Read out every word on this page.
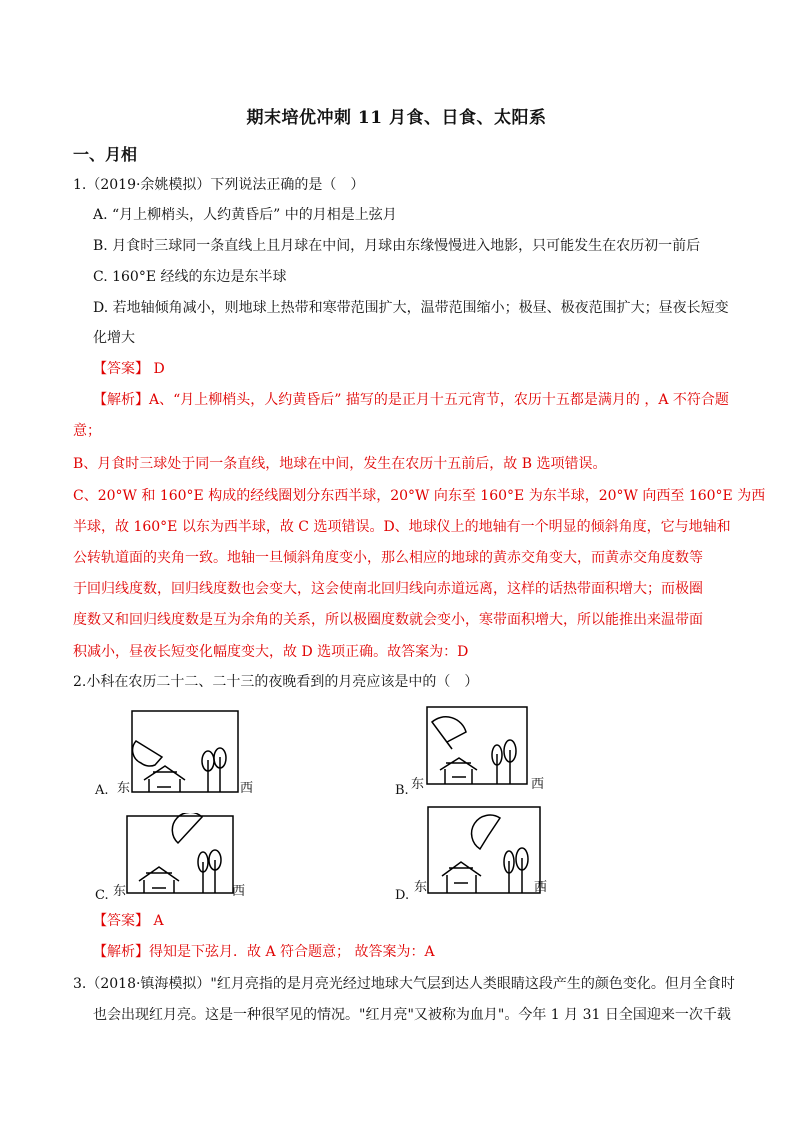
期末培优冲刺 11 月食、日食、太阳系
一、月相
1.（2019·余姚模拟）下列说法正确的是（　）
A. “月上柳梢头，人约黄昏后” 中的月相是上弦月
B. 月食时三球同一条直线上且月球在中间，月球由东缘慢慢进入地影，只可能发生在农历初一前后
C. 160°E 经线的东边是东半球
D. 若地轴倾角减小，则地球上热带和寒带范围扩大，温带范围缩小；极昼、极夜范围扩大；昼夜长短变
化增大
【答案】 D
【解析】A、“月上柳梢头，人约黄昏后” 描写的是正月十五元宵节，农历十五都是满月的 ，A 不符合题
意；
B、月食时三球处于同一条直线，地球在中间，发生在农历十五前后，故 B 选项错误。
C、20°W 和 160°E 构成的经线圈划分东西半球，20°W 向东至 160°E 为东半球，20°W 向西至 160°E 为西
半球，故 160°E 以东为西半球，故 C 选项错误。D、地球仪上的地轴有一个明显的倾斜角度，它与地轴和
公转轨道面的夹角一致。地轴一旦倾斜角度变小，那么相应的地球的黄赤交角变大，而黄赤交角度数等
于回归线度数，回归线度数也会变大，这会使南北回归线向赤道远离，这样的话热带面积增大；而极圈
度数又和回归线度数是互为余角的关系，所以极圈度数就会变小，寒带面积增大，所以能推出来温带面
积减小，昼夜长短变化幅度变大，故 D 选项正确。故答案为：D
2.小科在农历二十二、二十三的夜晚看到的月亮应该是中的（　）
A. 东	西	B. 东	西
C. 东	西	D.
东	西
【答案】 A
【解析】得知是下弦月．故 A 符合题意； 故答案为：A
3.（2018·镇海模拟）"红月亮指的是月亮光经过地球大气层到达人类眼睛这段产生的颜色变化。但月全食时
也会出现红月亮。这是一种很罕见的情况。"红月亮"又被称为血月"。今年 1 月 31 日全国迎来一次千载
